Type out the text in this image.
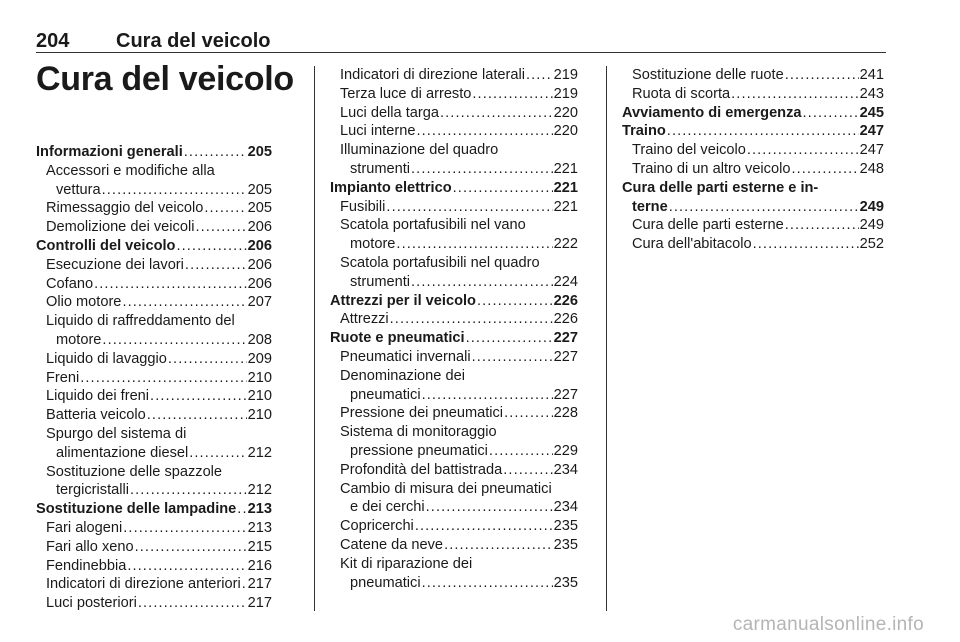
204 Cura del veicolo
Cura del veicolo
Informazioni generali .....	205
Accessori e modifiche alla
vettura .....	205
Rimessaggio del veicolo .....	205
Demolizione dei veicoli .....	206
Controlli del veicolo .....	206
Esecuzione dei lavori .....	206
Cofano .....	206
Olio motore .....	207
Liquido di raffreddamento del
motore .....	208
Liquido di lavaggio .....	209
Freni .....	210
Liquido dei freni .....	210
Batteria veicolo .....	210
Spurgo del sistema di
alimentazione diesel .....	212
Sostituzione delle spazzole
tergicristalli .....	212
Sostituzione delle lampadine ..... 213
Fari alogeni .....	213
Fari allo xeno .....	215
Fendinebbia .....	216
Indicatori di direzione anteriori ..... 217
Luci posteriori .....	217
Indicatori di direzione laterali ..... 219
Terza luce di arresto .....	219
Luci della targa .....	220
Luci interne .....	220
Illuminazione del quadro
strumenti .....	221
Impianto elettrico .....	221
Fusibili .....	221
Scatola portafusibili nel vano
motore .....	222
Scatola portafusibili nel quadro
strumenti .....	224
Attrezzi per il veicolo .....	226
Attrezzi .....	226
Ruote e pneumatici .....	227
Pneumatici invernali .....	227
Denominazione dei
pneumatici .....	227
Pressione dei pneumatici .....	228
Sistema di monitoraggio
pressione pneumatici .....	229
Profondità del battistrada .....	234
Cambio di misura dei pneumatici
e dei cerchi .....	234
Copricerchi .....	235
Catene da neve .....	235
Kit di riparazione dei
pneumatici .....	235
Sostituzione delle ruote .....	241
Ruota di scorta .....	243
Avviamento di emergenza .....	245
Traino .....	247
Traino del veicolo .....	247
Traino di un altro veicolo .....	248
Cura delle parti esterne e in-
terne .....	249
Cura delle parti esterne .....	249
Cura dell'abitacolo .....	252
carmanualsonline.info
